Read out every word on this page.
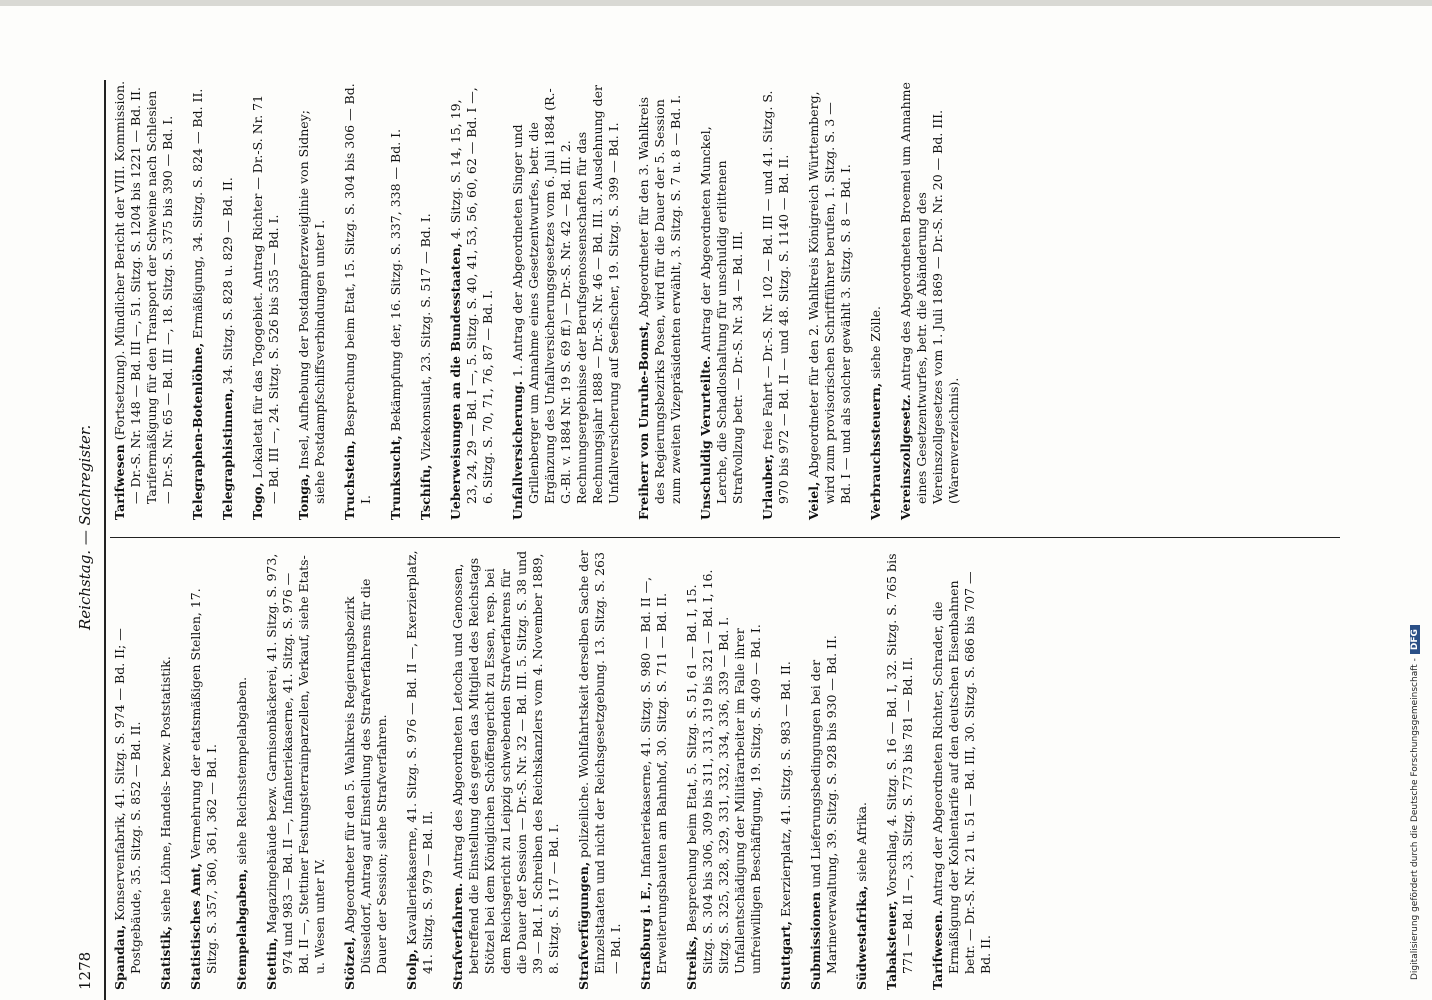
1278
Reichstag. — Sachregister.
Spandau, Konservenfabrik, 41. Sitzg. S. 974 — Bd. II; — Postgebäude, 35. Sitzg. S. 852 — Bd. II. Statistik, siehe Löhne, Handels- bezw. Poststatistik.
Statistisches Amt, Vermehrung der etatsmäßigen Stellen, 17. Sitzg. S. 357, 360, 361, 362 — Bd. I. Stempelabgaben, siehe Reichsstempelabgaben.
Stettin, Magazingebäude bezw. Garnisonbäckerei, 41. Sitzg. S. 973, 974 und 983 — Bd. II —, Infanteriekaserne, 41. Sitzg. S. 976 — Bd. II —, Stettiner Festungsterrainparzellen, Verkauf, siehe Etats- u. Wesen unter IV. Stötzel, Abgeordneter für den 5. Wahlkreis Regierungsbezirk Düsseldorf, Antrag auf Einstellung des Strafverfahrens für die Dauer der Session; siehe Strafverfahren. Stolp, Kavalleriekaserne, 41. Sitzg. S. 976 — Bd. II —, Exerzierplatz, 41. Sitzg. S. 979 — Bd. II. Strafverfahren. Antrag des Abgeordneten Letocha und Genossen, betreffend die Einstellung des gegen das Mitglied des Reichstags Stötzel bei dem Königlichen Schöffengericht zu Essen, resp. bei dem Reichsgericht zu Leipzig schwebenden Strafverfahrens für die Dauer der Session — Dr.-S. Nr. 32 — Bd. III. 5. Sitzg. S. 38 und 39 — Bd. I. Schreiben des Reichskanzlers vom 4. November 1889, 8. Sitzg. S. 117 — Bd. I. Strafverfügungen, polizeiliche. Wohlfahrtskeit derselben Sache der Einzelstaaten und nicht der Reichsgesetzgebung. 13. Sitzg. S. 263 — Bd. I. Straßburg i. E., Infanteriekaserne, 41. Sitzg. S. 980 — Bd. II —, Erweiterungsbauten am Bahnhof, 30. Sitzg. S. 711 — Bd. II. Streiks, Besprechung beim Etat, 5. Sitzg. S. 51, 61 — Bd. I, 15. Sitzg. S. 304 bis 306, 309 bis 311, 313, 319 bis 321 — Bd. I, 16. Sitzg. S. 325, 328, 329, 331, 332, 334, 336, 339 — Bd. I. Unfallentschädigung der Militärarbeiter im Falle ihrer unfreiwilligen Beschäftigung, 19. Sitzg. S. 409 — Bd. I. Stuttgart, Exerzierplatz, 41. Sitzg. S. 983 — Bd. II.
Submissionen und Lieferungsbedingungen bei der Marineverwaltung, 39. Sitzg. S. 928 bis 930 — Bd. II. Südwestafrika, siehe Afrika.
Tabaksteuer, Vorschlag, 4. Sitzg. S. 16 — Bd. I, 32. Sitzg. S. 765 bis 771 — Bd. II —, 33. Sitzg. S. 773 bis 781 — Bd. II. Tarifwesen. Antrag der Abgeordneten Richter, Schrader, die Ermäßigung der Kohlentarife auf den deutschen Eisenbahnen betr. — Dr.-S. Nr. 21 u. 51 — Bd. III, 30. Sitzg. S. 686 bis 707 — Bd. II.
Tarifwesen (Fortsetzung). Mündlicher Bericht der VIII. Kommission. — Dr.-S. Nr. 148 — Bd. III —, 51. Sitzg. S. 1204 bis 1221 — Bd. II. Tarifermäßigung für den Transport der Schweine nach Schlesien — Dr.-S. Nr. 65 — Bd. III —, 18. Sitzg. S. 375 bis 390 — Bd. I. Telegraphen-Botenlöhne, Ermäßigung, 34. Sitzg. S. 824 — Bd. II.
Telegraphistinnen, 34. Sitzg. S. 828 u. 829 — Bd. II.
Togo, Lokaletat für das Togogebiet. Antrag Richter — Dr.-S. Nr. 71 — Bd. III —, 24. Sitzg. S. 526 bis 535 — Bd. I. Tonga, Insel, Aufhebung der Postdampferzweiglinie von Sidney; siehe Postdampfschiffsverbindungen unter I. Truchstein, Besprechung beim Etat, 15. Sitzg. S. 304 bis 306 — Bd. I. Trunksucht, Bekämpfung der, 16. Sitzg. S. 337, 338 — Bd. I.
Tschifu, Vizekonsulat, 23. Sitzg. S. 517 — Bd. I. Ueberweisungen an die Bundesstaaten, 4. Sitzg. S. 14, 15, 19, 23, 24, 29 — Bd. I —, 5. Sitzg. S. 40, 41, 53, 56, 60, 62 — Bd. I —, 6. Sitzg. S. 70, 71, 76, 87 — Bd. I. Unfallversicherung. 1. Antrag der Abgeordneten Singer und Grillenberger um Annahme eines Gesetzentwurfes, betr. die Ergänzung des Unfallversicherungsgesetzes vom 6. Juli 1884 (R.-G.-Bl. v. 1884 Nr. 19 S. 69 ff.) — Dr.-S. Nr. 42 — Bd. III. 2. Rechnungsergebnisse der Berufsgenossenschaften für das Rechnungsjahr 1888 — Dr.-S. Nr. 46 — Bd. III. 3. Ausdehnung der Unfallversicherung auf Seefischer, 19. Sitzg. S. 399 — Bd. I. Freiherr von Unruhe-Bomst, Abgeordneter für den 3. Wahlkreis des Regierungsbezirks Posen, wird für die Dauer der 5. Session zum zweiten Vizepräsidenten erwählt, 3. Sitzg. S. 7 u. 8 — Bd. I. Unschuldig Verurteilte. Antrag der Abgeordneten Munckel, Lerche, die Schadloshaltung für unschuldig erlittenen Strafvollzug betr. — Dr.-S. Nr. 34 — Bd. III. Urlauber, freie Fahrt — Dr.-S. Nr. 102 — Bd. III — und 41. Sitzg. S. 970 bis 972 — Bd. II — und 48. Sitzg. S. 1140 — Bd. II. Veiel, Abgeordneter für den 2. Wahlkreis Königreich Württemberg, wird zum provisorischen Schriftführer berufen, 1. Sitzg. S. 3 — Bd. I — und als solcher gewählt 3. Sitzg. S. 8 — Bd. I. Verbrauchssteuern, siehe Zölle.
Vereinszollgesetz. Antrag des Abgeordneten Broemel um Annahme eines Gesetzentwurfes, betr. die Abänderung des Vereinszollgesetzes vom 1. Juli 1869 — Dr.-S. Nr. 20 — Bd. III. (Warenverzeichnis).
Digitalisierung gefördert durch die Deutsche Forschungsgemeinschaft -DFG
